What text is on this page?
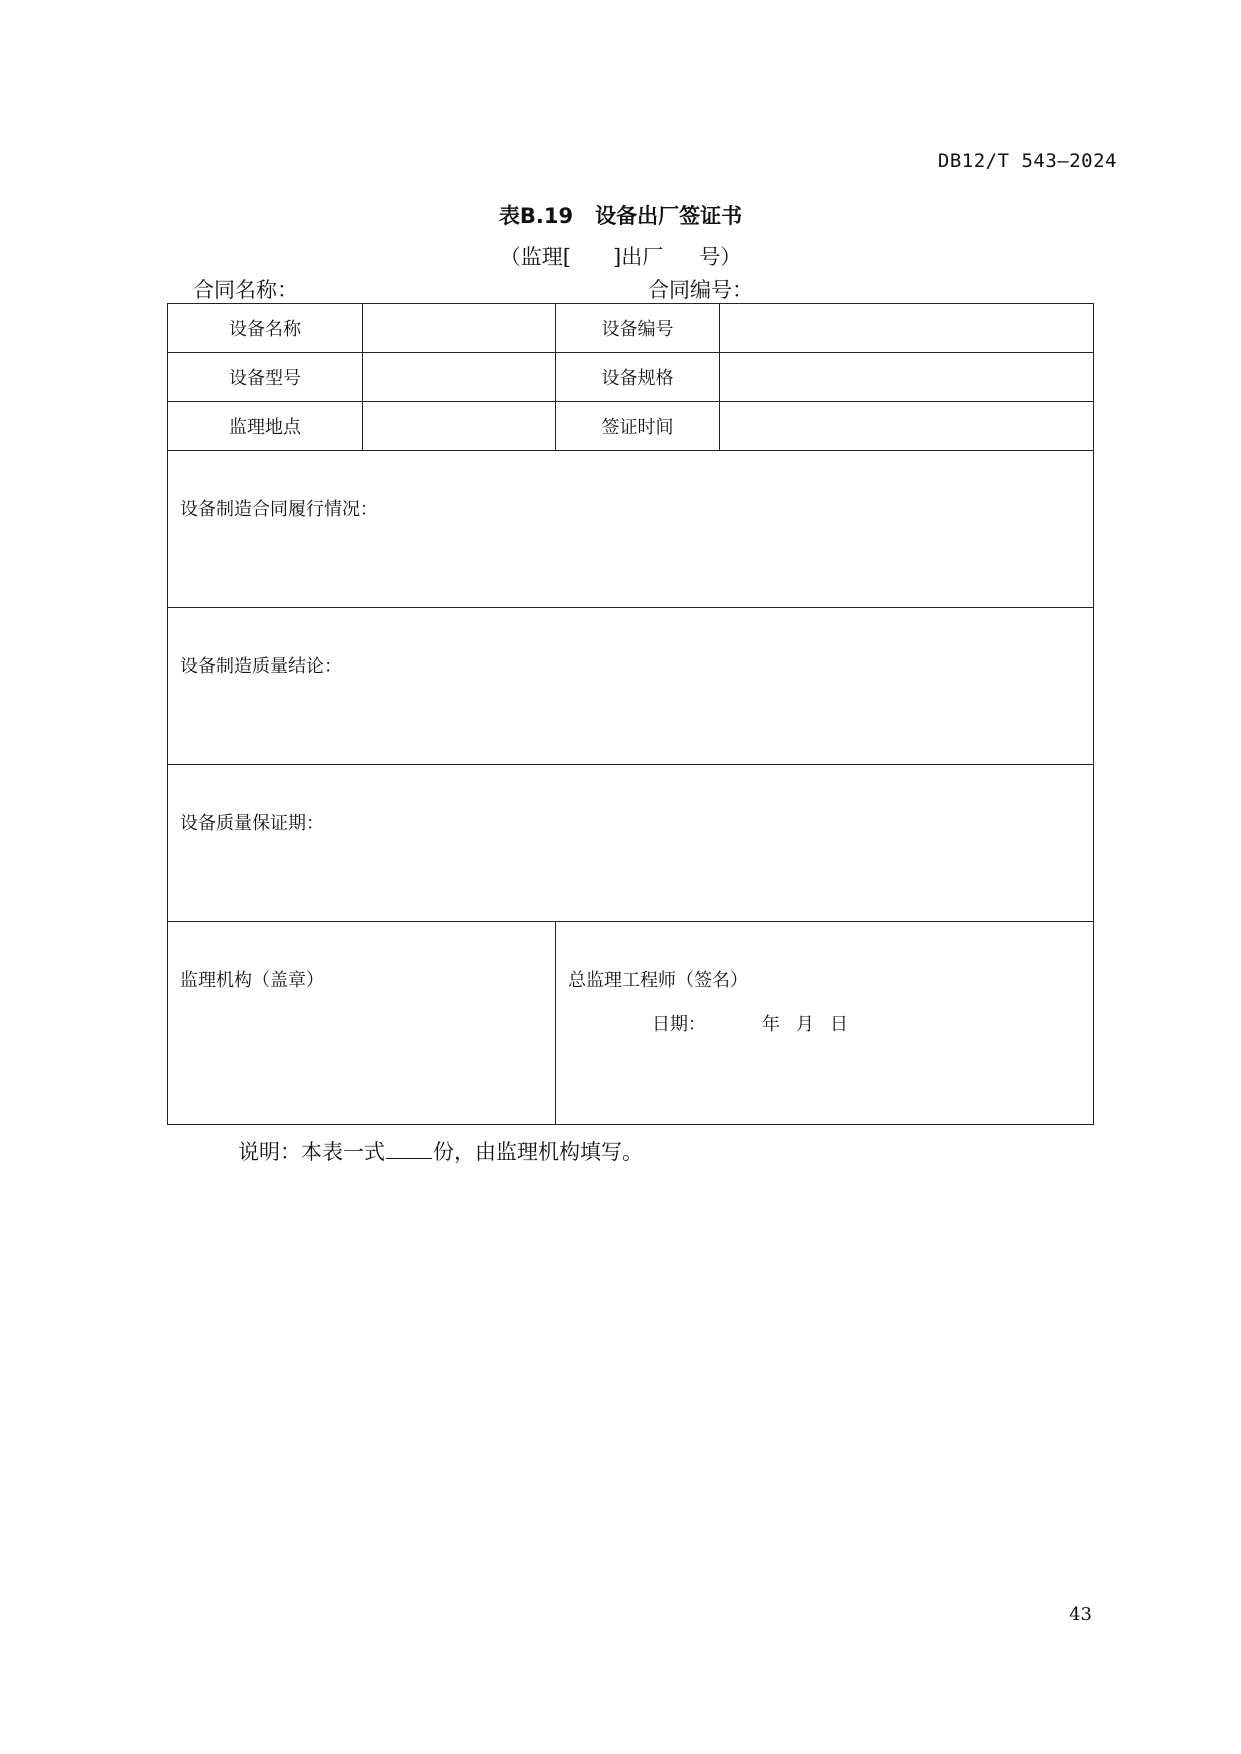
DB12/T 543—2024
表B.19 设备出厂签证书
（监理[ ]出厂 号）
合同名称：	合同编号：
设备名称		设备编号	
设备型号		设备规格	
监理地点		签证时间	

设备制造合同履行情况：			

设备制造质量结论：			

设备质量保证期：			

监理机构（盖章）		总监理工程师（签名）
日期： 年 月 日	
说明：本表一式 份，由监理机构填写。
43
